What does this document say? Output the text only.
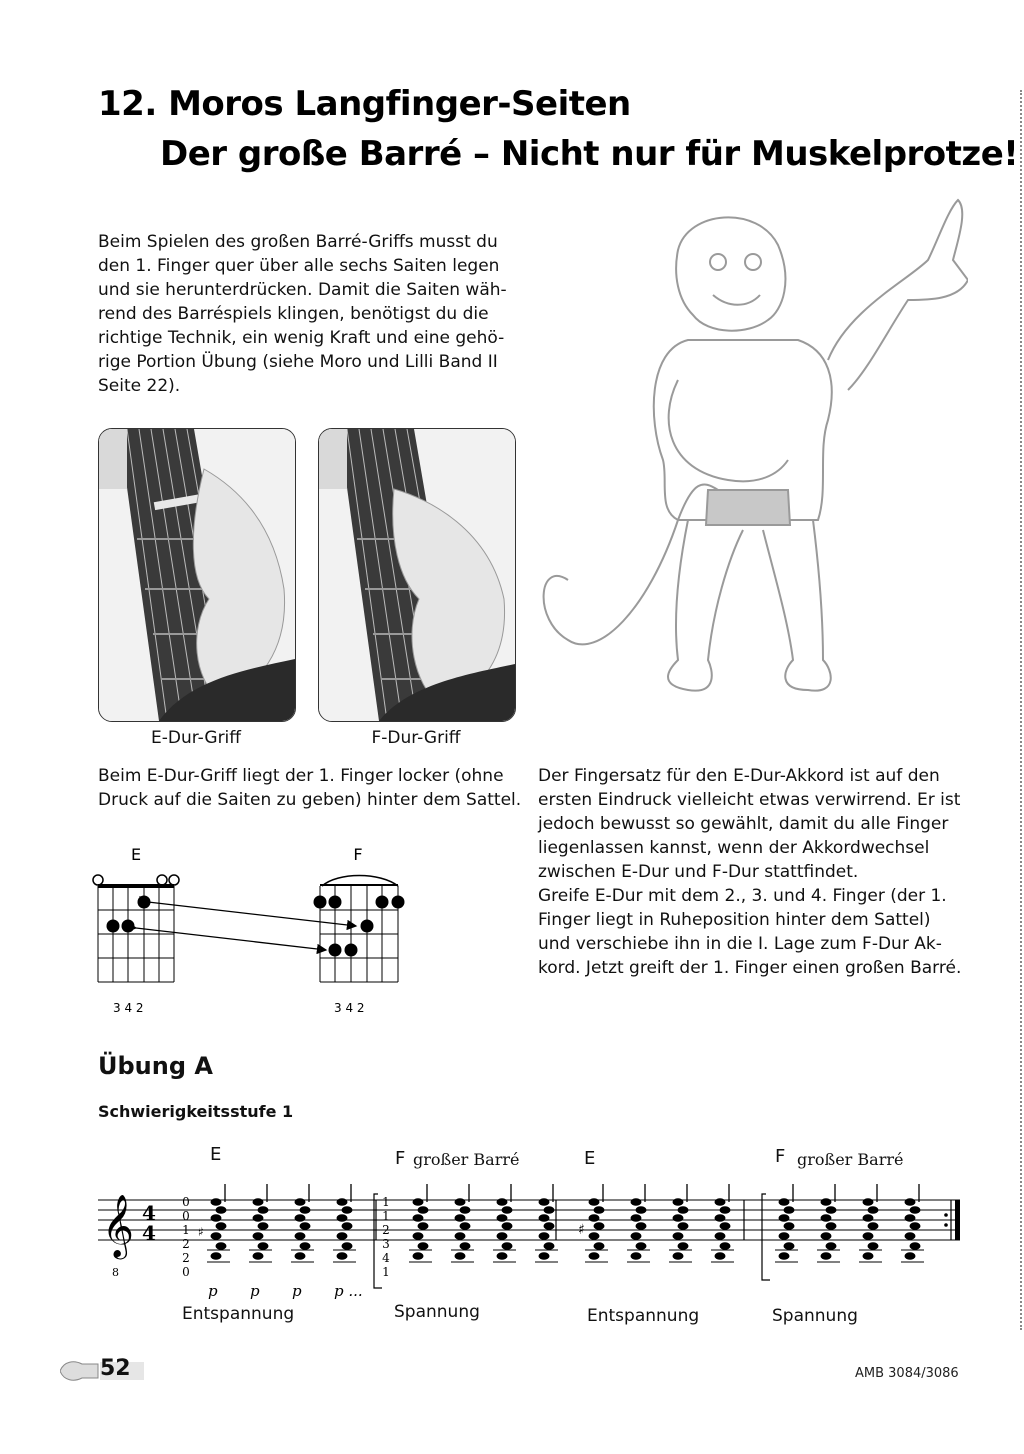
12. Moros Langfinger-Seiten
Der große Barré – Nicht nur für Muskelprotze!
Beim Spielen des großen Barré-Griffs musst du
den 1. Finger quer über alle sechs Saiten legen
und sie herunterdrücken. Damit die Saiten wäh-
rend des Barréspiels klingen, benötigst du die
richtige Technik, ein wenig Kraft und eine gehö-
rige Portion Übung (siehe Moro und Lilli Band II
Seite 22).
E-Dur-Griff	F-Dur-Griff
Beim E-Dur-Griff liegt der 1. Finger locker (ohne
Druck auf die Saiten zu geben) hinter dem Sattel.
Der Fingersatz für den E-Dur-Akkord ist auf den
ersten Eindruck vielleicht etwas verwirrend. Er ist
jedoch bewusst so gewählt, damit du alle Finger
liegenlassen kannst, wenn der Akkordwechsel
zwischen E-Dur und F-Dur stattfindet.
Greife E-Dur mit dem 2., 3. und 4. Finger (der 1.
Finger liegt in Ruheposition hinter dem Sattel)
und verschiebe ihn in die I. Lage zum F-Dur Ak-
kord. Jetzt greift der 1. Finger einen großen Barré.
E
3 4 2
F
3 4 2
Übung A
Schwierigkeitsstufe 1
E	F großer Barré	E	F großer Barré
𝄞
8
4
4
0
0
1
2
2
0
1
1
2
3
4
1
p p p p ...
♯
♯
Entspannung	Spannung	Entspannung	Spannung
52	AMB 3084/3086
